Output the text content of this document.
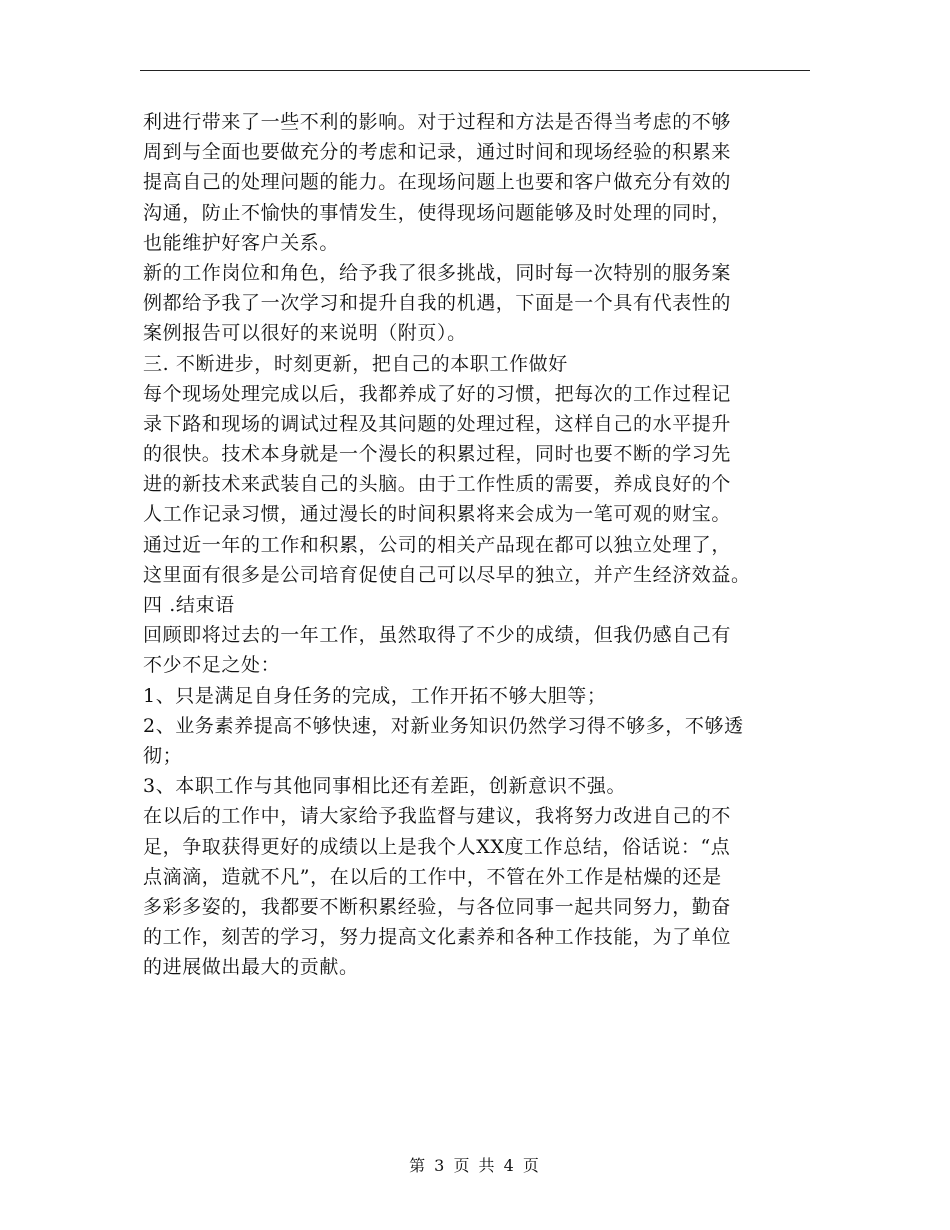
利进行带来了一些不利的影响。对于过程和方法是否得当考虑的不够
周到与全面也要做充分的考虑和记录，通过时间和现场经验的积累来
提高自己的处理问题的能力。在现场问题上也要和客户做充分有效的
沟通，防止不愉快的事情发生，使得现场问题能够及时处理的同时，
也能维护好客户关系。
新的工作岗位和角色，给予我了很多挑战，同时每一次特别的服务案
例都给予我了一次学习和提升自我的机遇，下面是一个具有代表性的
案例报告可以很好的来说明（附页）。
三. 不断进步，时刻更新，把自己的本职工作做好
每个现场处理完成以后，我都养成了好的习惯，把每次的工作过程记
录下路和现场的调试过程及其问题的处理过程，这样自己的水平提升
的很快。技术本身就是一个漫长的积累过程，同时也要不断的学习先
进的新技术来武装自己的头脑。由于工作性质的需要，养成良好的个
人工作记录习惯，通过漫长的时间积累将来会成为一笔可观的财宝。
通过近一年的工作和积累，公司的相关产品现在都可以独立处理了，
这里面有很多是公司培育促使自己可以尽早的独立，并产生经济效益。
四 .结束语
回顾即将过去的一年工作，虽然取得了不少的成绩，但我仍感自己有
不少不足之处：
1、只是满足自身任务的完成，工作开拓不够大胆等；
2、业务素养提高不够快速，对新业务知识仍然学习得不够多，不够透
彻；
3、本职工作与其他同事相比还有差距，创新意识不强。
在以后的工作中，请大家给予我监督与建议，我将努力改进自己的不
足，争取获得更好的成绩以上是我个人XX度工作总结，俗话说：“点
点滴滴，造就不凡”，在以后的工作中，不管在外工作是枯燥的还是
多彩多姿的，我都要不断积累经验，与各位同事一起共同努力，勤奋
的工作，刻苦的学习，努力提高文化素养和各种工作技能，为了单位
的进展做出最大的贡献。
第 3 页 共 4 页
